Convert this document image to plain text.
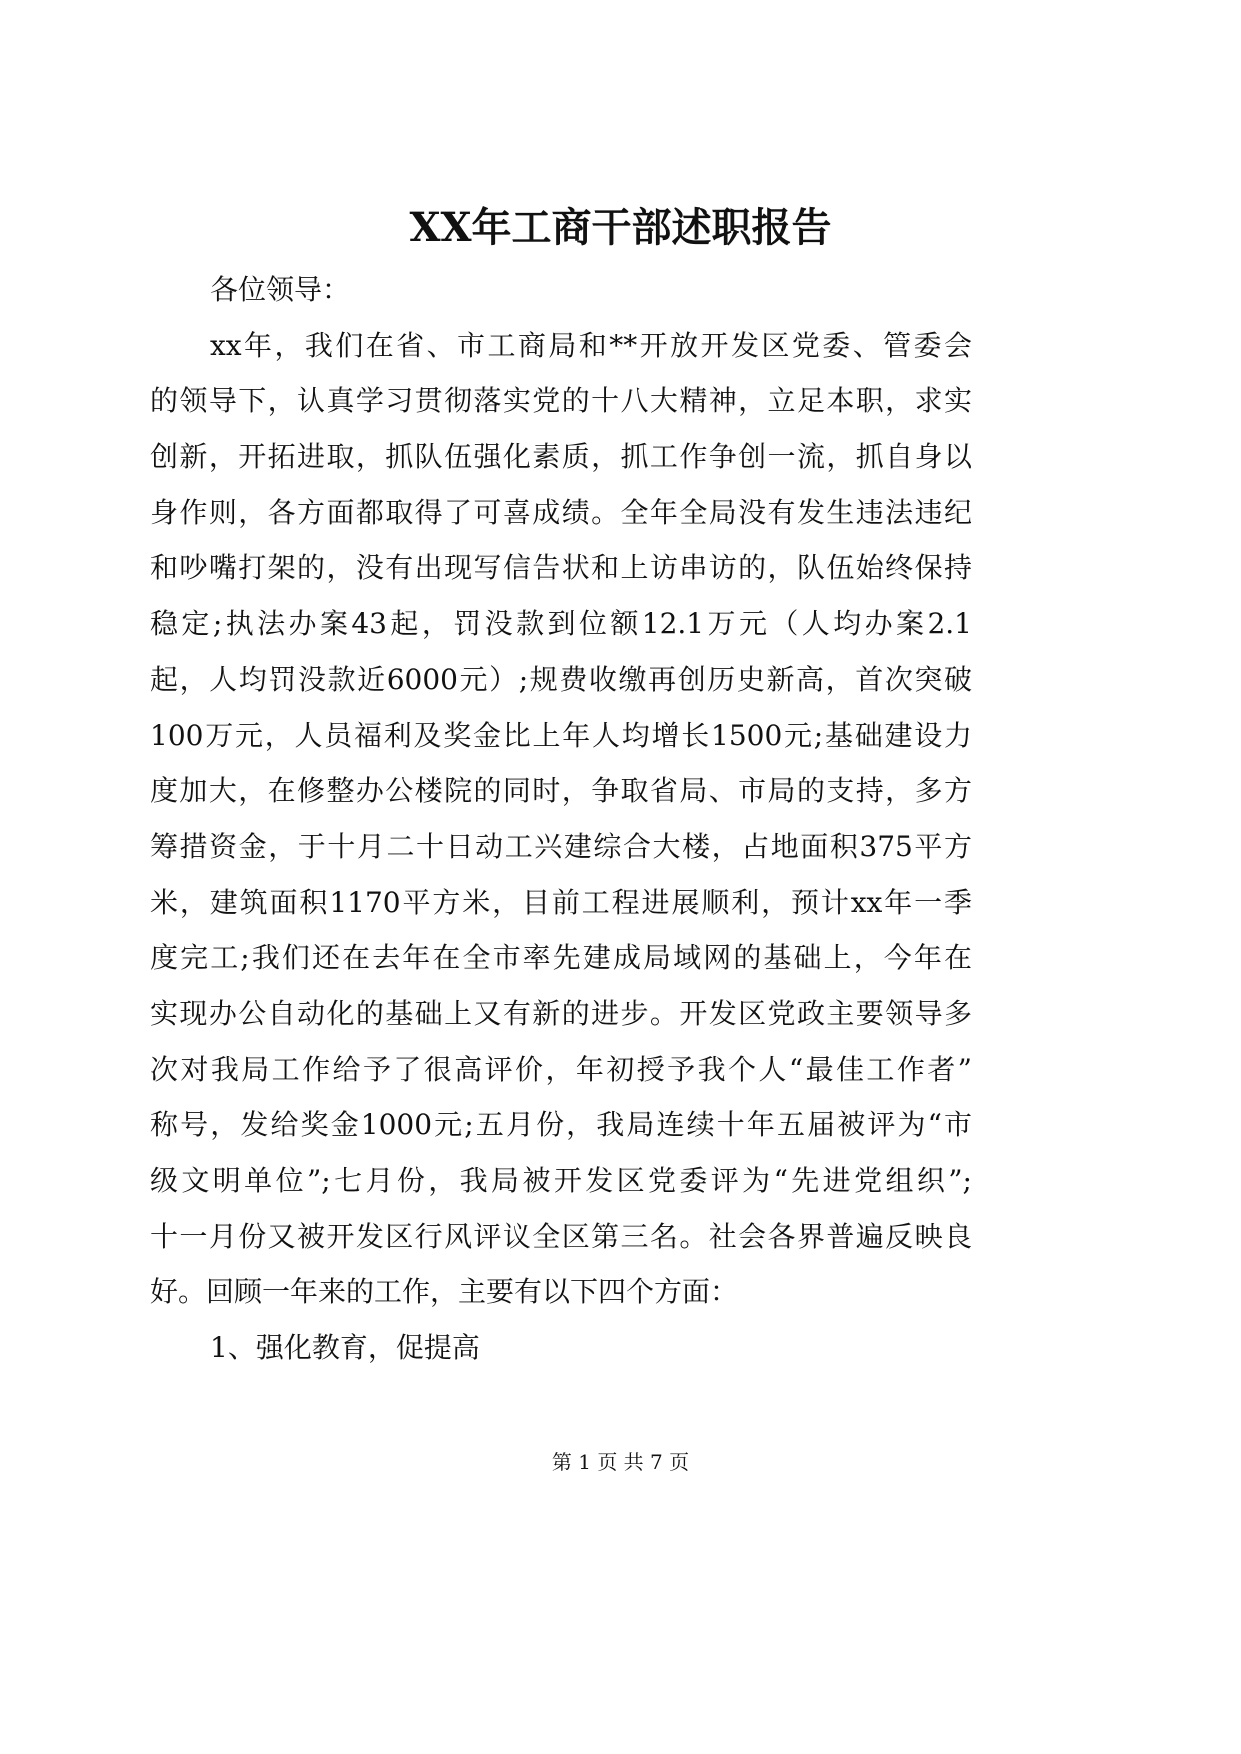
XX年工商干部述职报告
各位领导：
xx年，我们在省、市工商局和**开放开发区党委、管委会
的领导下，认真学习贯彻落实党的十八大精神，立足本职，求实
创新，开拓进取，抓队伍强化素质，抓工作争创一流，抓自身以
身作则，各方面都取得了可喜成绩。全年全局没有发生违法违纪
和吵嘴打架的，没有出现写信告状和上访串访的，队伍始终保持
稳定;执法办案43起，罚没款到位额12.1万元（人均办案2.1
起，人均罚没款近6000元）;规费收缴再创历史新高，首次突破
100万元，人员福利及奖金比上年人均增长1500元;基础建设力
度加大，在修整办公楼院的同时，争取省局、市局的支持，多方
筹措资金，于十月二十日动工兴建综合大楼，占地面积375平方
米，建筑面积1170平方米，目前工程进展顺利，预计xx年一季
度完工;我们还在去年在全市率先建成局域网的基础上，今年在
实现办公自动化的基础上又有新的进步。开发区党政主要领导多
次对我局工作给予了很高评价，年初授予我个人“最佳工作者”
称号，发给奖金1000元;五月份，我局连续十年五届被评为“市
级文明单位”;七月份，我局被开发区党委评为“先进党组织”;
十一月份又被开发区行风评议全区第三名。社会各界普遍反映良
好。回顾一年来的工作，主要有以下四个方面：
1、强化教育，促提高
第 1 页 共 7 页
